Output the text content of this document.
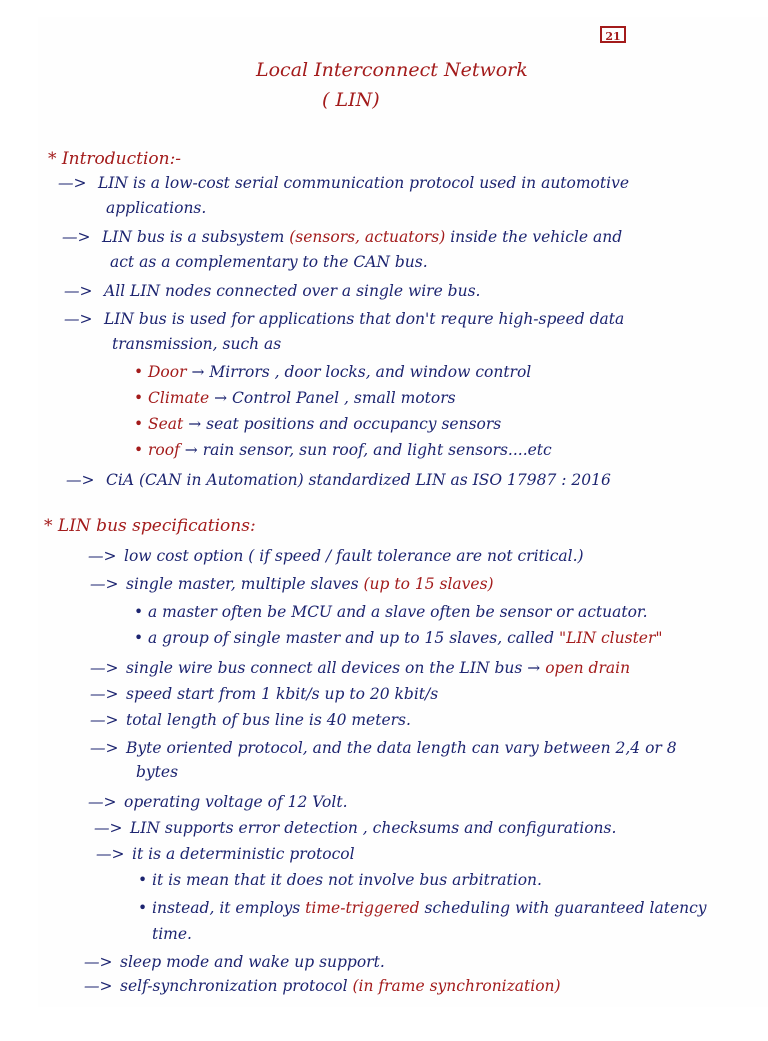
21
Local Interconnect Network
( LIN)
* Introduction:-
—> LIN is a low-cost serial communication protocol used in automotive
applications.
—> LIN bus is a subsystem (sensors, actuators) inside the vehicle and
act as a complementary to the CAN bus.
—> All LIN nodes connected over a single wire bus.
—> LIN bus is used for applications that don't requre high-speed data
transmission, such as
• Door → Mirrors , door locks, and window control
• Climate → Control Panel , small motors
• Seat → seat positions and occupancy sensors
• roof → rain sensor, sun roof, and light sensors....etc
—> CiA (CAN in Automation) standardized LIN as ISO 17987 : 2016
* LIN bus specifications:
—> low cost option ( if speed / fault tolerance are not critical.)
—> single master, multiple slaves (up to 15 slaves)
• a master often be MCU and a slave often be sensor or actuator.
• a group of single master and up to 15 slaves, called "LIN cluster"
—> single wire bus connect all devices on the LIN bus → open drain
—> speed start from 1 kbit/s up to 20 kbit/s
—> total length of bus line is 40 meters.
—> Byte oriented protocol, and the data length can vary between 2,4 or 8
bytes
—> operating voltage of 12 Volt.
—> LIN supports error detection , checksums and configurations.
—> it is a deterministic protocol
• it is mean that it does not involve bus arbitration.
• instead, it employs time-triggered scheduling with guaranteed latency
time.
—> sleep mode and wake up support.
—> self-synchronization protocol (in frame synchronization)
